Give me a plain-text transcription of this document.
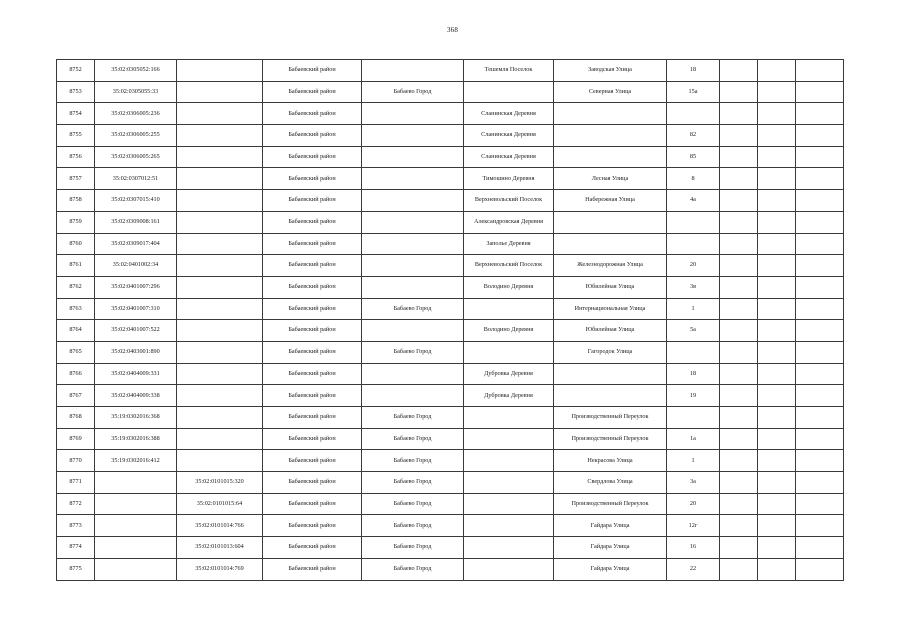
368
8752	35:02:0305052:166		Бабаевский район		Тешемля Поселок	Заводская Улица	18			
8753	35:02:0305055:33		Бабаевский район	Бабаево Город		Северная Улица	15а			
8754	35:02:0306005:236		Бабаевский район		Сланинская Деревня					
8755	35:02:0306005:255		Бабаевский район		Сланинская Деревня		82			
8756	35:02:0306005:265		Бабаевский район		Сланинская Деревня		85			
8757	35:02:0307012:51		Бабаевский район		Тимошино Деревня	Лесная Улица	8			
8758	35:02:0307015:410		Бабаевский район		Верхневольский Поселок	Набережная Улица	4а			
8759	35:02:0309008:161		Бабаевский район		Александровская Деревня					
8760	35:02:0309017:404		Бабаевский район		Заполье Деревня					
8761	35:02:0401002:34		Бабаевский район		Верхневольский Поселок	Железнодорожная Улица	20			
8762	35:02:0401007:296		Бабаевский район		Володино Деревня	Юбилейная Улица	3в			
8763	35:02:0401007:310		Бабаевский район	Бабаево Город		Интернациональная Улица	1			
8764	35:02:0401007:522		Бабаевский район		Володино Деревня	Юбилейная Улица	5а			
8765	35:02:0403001:890		Бабаевский район	Бабаево Город		Гагородок Улица				
8766	35:02:0404009:331		Бабаевский район		Дубровка Деревня		18			
8767	35:02:0404009:338		Бабаевский район		Дубровка Деревня		19			
8768	35:19:0302016:368		Бабаевский район	Бабаево Город		Производственный Переулок				
8769	35:19:0302016:388		Бабаевский район	Бабаево Город		Производственный Переулок	1а			
8770	35:19:0302016:412		Бабаевский район	Бабаево Город		Некрасова Улица	1			
8771		35:02:0101015:320	Бабаевский район	Бабаево Город		Свердлова Улица	3а			
8772		35:02:0101015:64	Бабаевский район	Бабаево Город		Производственный Переулок	20			
8773		35:02:0101014:766	Бабаевский район	Бабаево Город		Гайдара Улица	12г			
8774		35:02:0101013:604	Бабаевский район	Бабаево Город		Гайдара Улица	16			
8775		35:02:0101014:769	Бабаевский район	Бабаево Город		Гайдара Улица	22			
